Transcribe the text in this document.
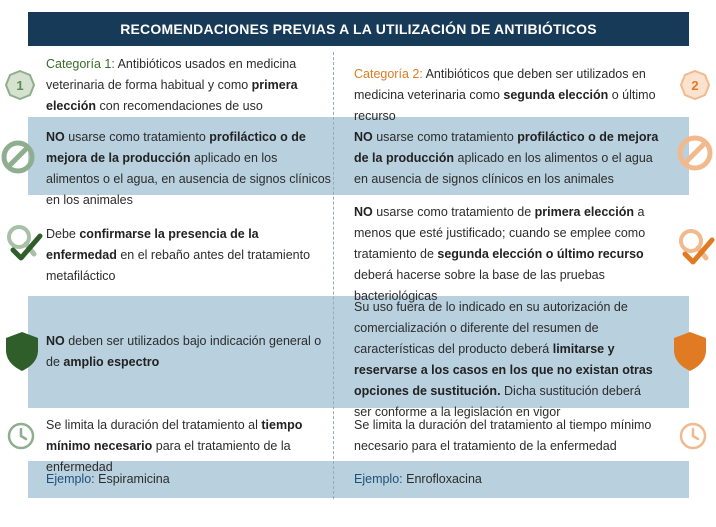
RECOMENDACIONES PREVIAS A LA UTILIZACIÓN DE ANTIBIÓTICOS
1
Categoría 1: Antibióticos usados en medicina veterinaria de forma habitual y como primera elección con recomendaciones de uso
2
Categoría 2: Antibióticos que deben ser utilizados en medicina veterinaria como segunda elección o último recurso
NO usarse como tratamiento profiláctico o de mejora de la producción aplicado en los alimentos o el agua, en ausencia de signos clínicos en los animales
NO usarse como tratamiento profiláctico o de mejora de la producción aplicado en los alimentos o el agua en ausencia de signos clínicos en los animales
Debe confirmarse la presencia de la enfermedad en el rebaño antes del tratamiento metafiláctico
NO usarse como tratamiento de primera elección a menos que esté justificado; cuando se emplee como tratamiento de segunda elección o último recurso deberá hacerse sobre la base de las pruebas bacteriológicas
NO deben ser utilizados bajo indicación general o de amplio espectro
Su uso fuera de lo indicado en su autorización de comercialización o diferente del resumen de características del producto deberá limitarse y reservarse a los casos en los que no existan otras opciones de sustitución. Dicha sustitución deberá ser conforme a la legislación en vigor
Se limita la duración del tratamiento al tiempo mínimo necesario para el tratamiento de la enfermedad
Se limita la duración del tratamiento al tiempo mínimo necesario para el tratamiento de la enfermedad
Ejemplo: Espiramicina	Ejemplo: Enrofloxacina
